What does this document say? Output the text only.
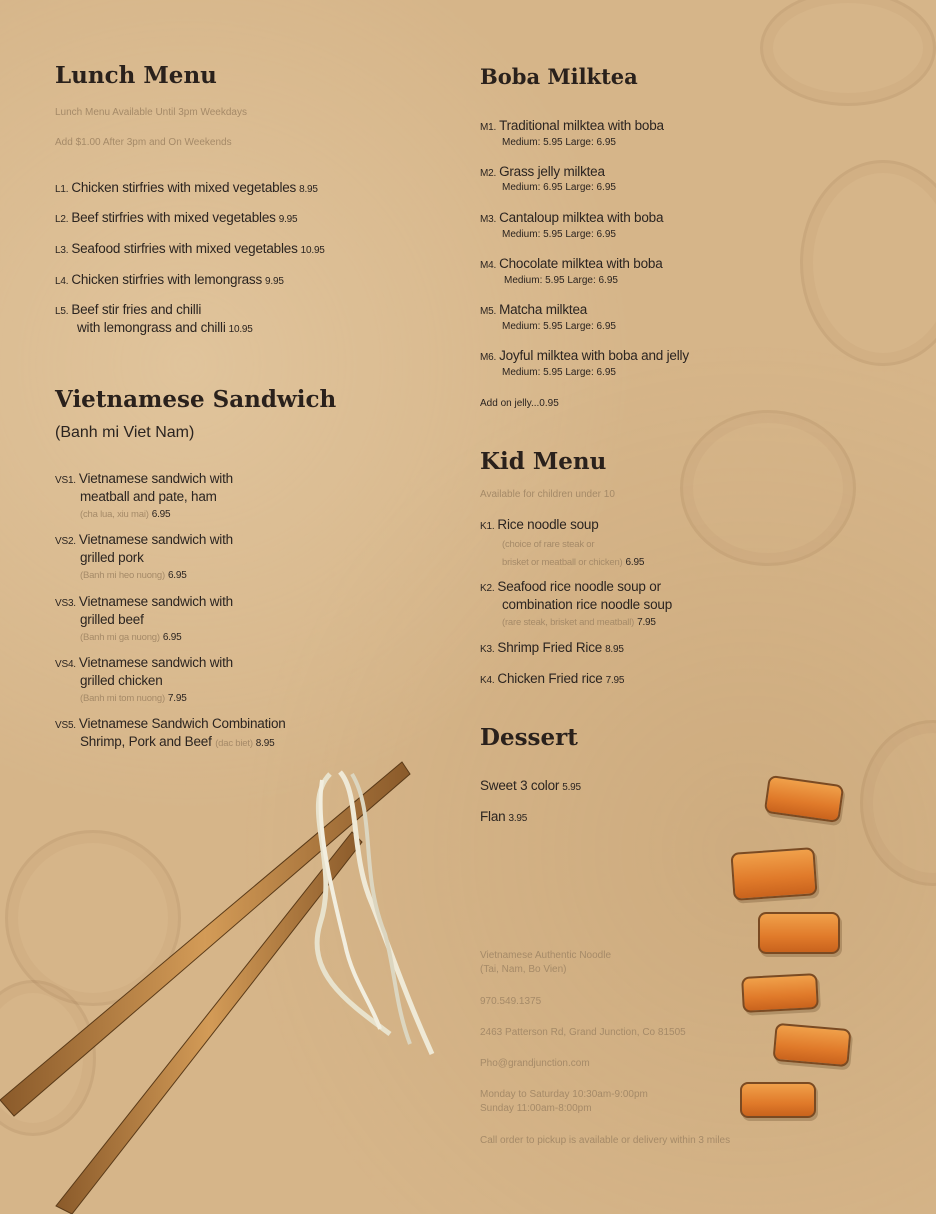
Lunch Menu
Lunch Menu Available Until 3pm Weekdays
Add $1.00 After 3pm and On Weekends
L1. Chicken stirfries with mixed vegetables 8.95
L2. Beef stirfries with mixed vegetables 9.95
L3. Seafood stirfries with mixed vegetables 10.95
L4. Chicken stirfries with lemongrass 9.95
L5. Beef stir fries and chilli
with lemongrass and chilli 10.95
Vietnamese Sandwich
(Banh mi Viet Nam)
VS1. Vietnamese sandwich with
meatball and pate, ham
(cha lua, xiu mai) 6.95
VS2. Vietnamese sandwich with
grilled pork
(Banh mi heo nuong) 6.95
VS3. Vietnamese sandwich with
grilled beef
(Banh mi ga nuong) 6.95
VS4. Vietnamese sandwich with
grilled chicken
(Banh mi tom nuong) 7.95
VS5. Vietnamese Sandwich Combination
Shrimp, Pork and Beef (dac biet) 8.95
Boba Milktea
M1. Traditional milktea with boba
Medium: 5.95 Large: 6.95
M2. Grass jelly milktea
Medium: 6.95 Large: 6.95
M3. Cantaloup milktea with boba
Medium: 5.95 Large: 6.95
M4. Chocolate milktea with boba
Medium: 5.95 Large: 6.95
M5. Matcha milktea
Medium: 5.95 Large: 6.95
M6. Joyful milktea with boba and jelly
Medium: 5.95 Large: 6.95
Add on jelly...0.95
Kid Menu
Available for children under 10
K1. Rice noodle soup
(choice of rare steak or
brisket or meatball or chicken) 6.95
K2. Seafood rice noodle soup or
combination rice noodle soup
(rare steak, brisket and meatball) 7.95
K3. Shrimp Fried Rice 8.95
K4. Chicken Fried rice 7.95
Dessert
Sweet 3 color 5.95
Flan 3.95
Vietnamese Authentic Noodle
(Tai, Nam, Bo Vien)
970.549.1375
2463 Patterson Rd, Grand Junction, Co 81505
Pho@grandjunction.com
Monday to Saturday 10:30am-9:00pm
Sunday 11:00am-8:00pm
Call order to pickup is available or delivery within 3 miles
